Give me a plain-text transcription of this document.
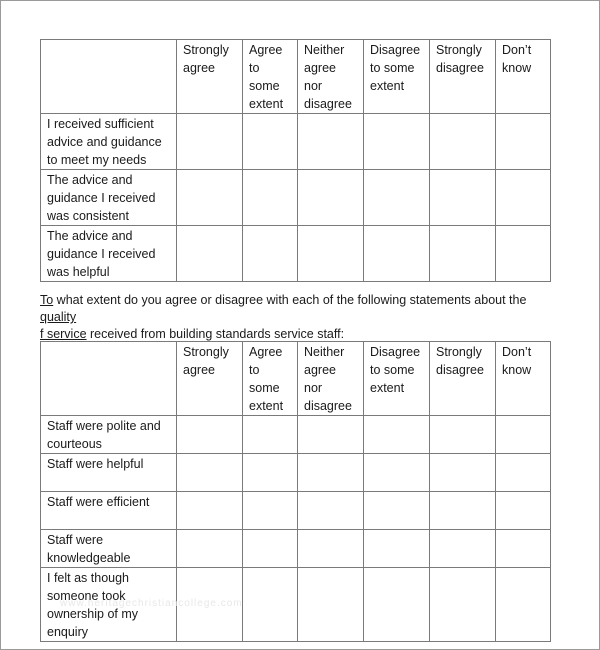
	Strongly
agree	Agree to
some
extent	Neither
agree nor
disagree	Disagree
to some
extent	Strongly
disagree	Don’t
know

I received sufficient
advice and guidance
to meet my needs						

The advice and
guidance I received
was consistent						

The advice and
guidance I received
was helpful						

To what extent do you agree or disagree with each of the following statements about the quality
f service received from building standards service staff:

	Strongly
agree	Agree to
some
extent	Neither
agree nor
disagree	Disagree
to some
extent	Strongly
disagree	Don’t
know

Staff were polite and
courteous						

Staff were helpful						

Staff were efficient						

Staff were
knowledgeable						

I felt as though
someone took
ownership of my
enquiry						

www.heritagechristiancollege.com
